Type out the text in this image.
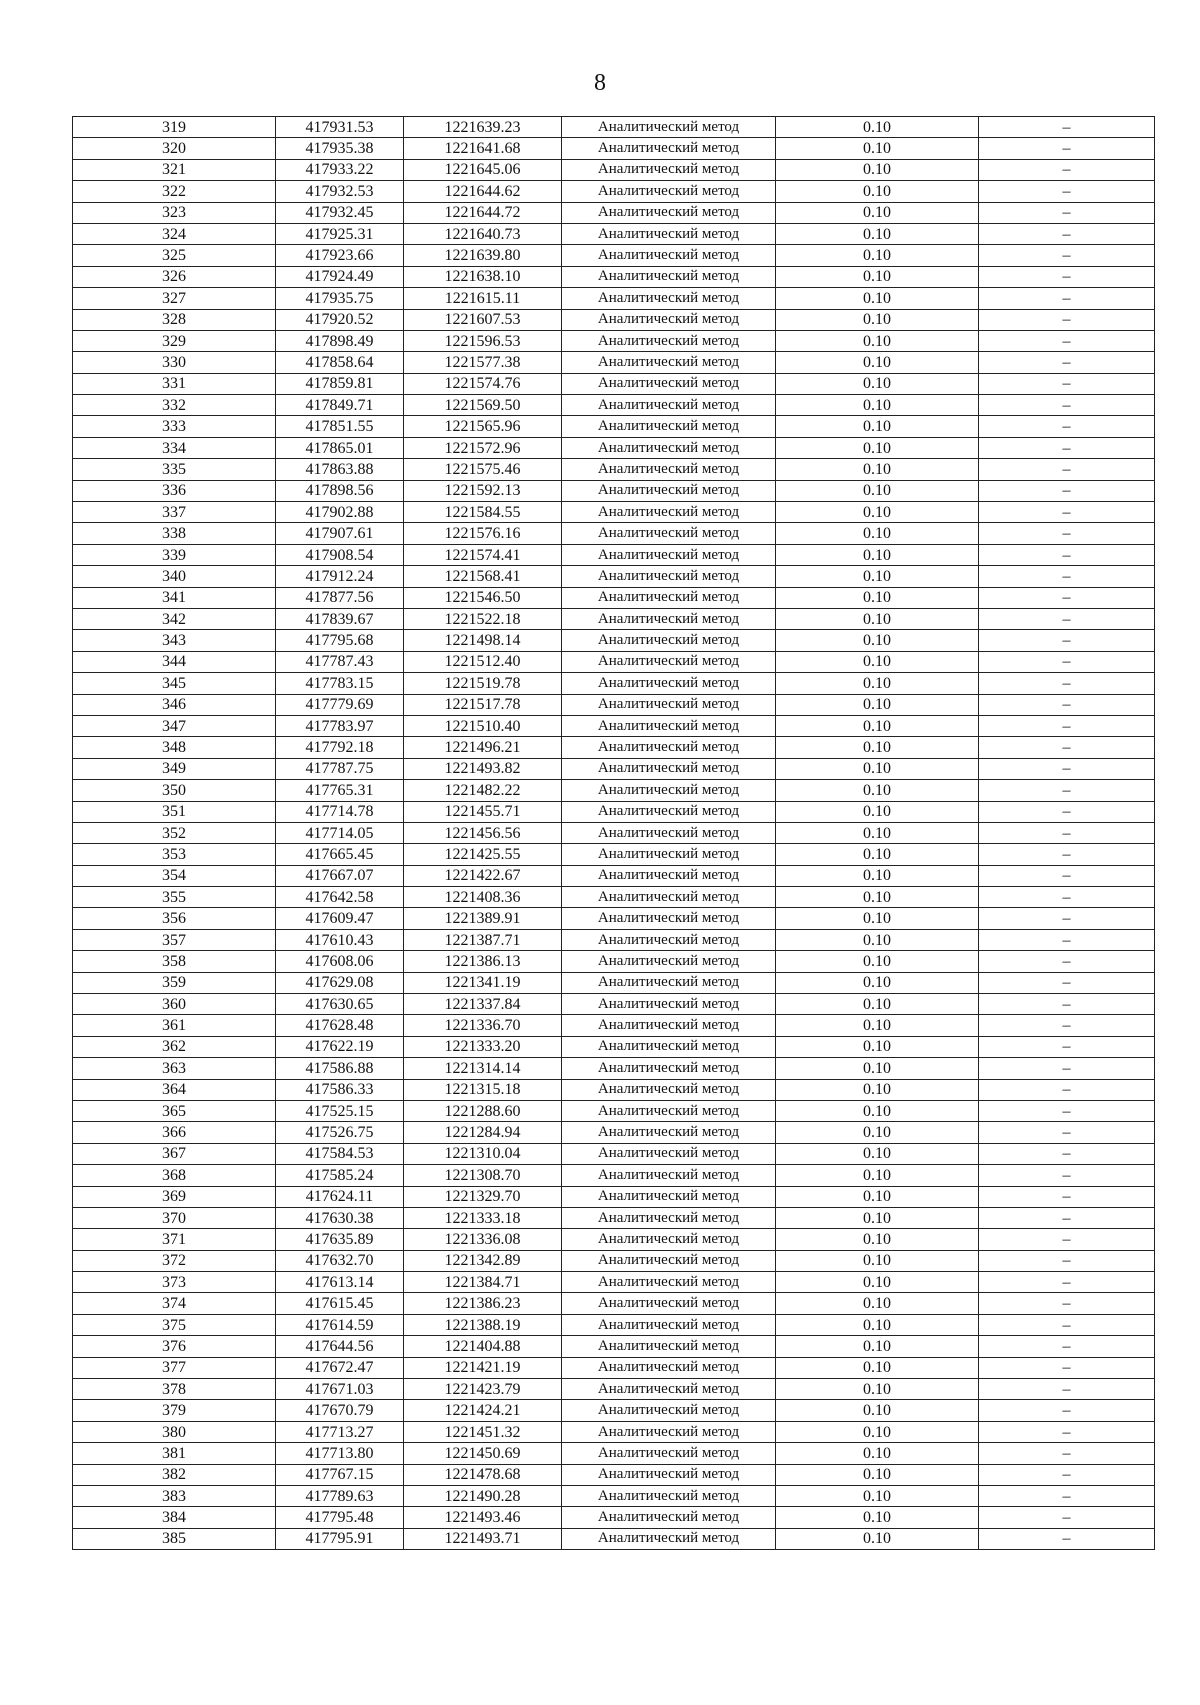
8
319	417931.53	1221639.23	Аналитический метод	0.10	–
320	417935.38	1221641.68	Аналитический метод	0.10	–
321	417933.22	1221645.06	Аналитический метод	0.10	–
322	417932.53	1221644.62	Аналитический метод	0.10	–
323	417932.45	1221644.72	Аналитический метод	0.10	–
324	417925.31	1221640.73	Аналитический метод	0.10	–
325	417923.66	1221639.80	Аналитический метод	0.10	–
326	417924.49	1221638.10	Аналитический метод	0.10	–
327	417935.75	1221615.11	Аналитический метод	0.10	–
328	417920.52	1221607.53	Аналитический метод	0.10	–
329	417898.49	1221596.53	Аналитический метод	0.10	–
330	417858.64	1221577.38	Аналитический метод	0.10	–
331	417859.81	1221574.76	Аналитический метод	0.10	–
332	417849.71	1221569.50	Аналитический метод	0.10	–
333	417851.55	1221565.96	Аналитический метод	0.10	–
334	417865.01	1221572.96	Аналитический метод	0.10	–
335	417863.88	1221575.46	Аналитический метод	0.10	–
336	417898.56	1221592.13	Аналитический метод	0.10	–
337	417902.88	1221584.55	Аналитический метод	0.10	–
338	417907.61	1221576.16	Аналитический метод	0.10	–
339	417908.54	1221574.41	Аналитический метод	0.10	–
340	417912.24	1221568.41	Аналитический метод	0.10	–
341	417877.56	1221546.50	Аналитический метод	0.10	–
342	417839.67	1221522.18	Аналитический метод	0.10	–
343	417795.68	1221498.14	Аналитический метод	0.10	–
344	417787.43	1221512.40	Аналитический метод	0.10	–
345	417783.15	1221519.78	Аналитический метод	0.10	–
346	417779.69	1221517.78	Аналитический метод	0.10	–
347	417783.97	1221510.40	Аналитический метод	0.10	–
348	417792.18	1221496.21	Аналитический метод	0.10	–
349	417787.75	1221493.82	Аналитический метод	0.10	–
350	417765.31	1221482.22	Аналитический метод	0.10	–
351	417714.78	1221455.71	Аналитический метод	0.10	–
352	417714.05	1221456.56	Аналитический метод	0.10	–
353	417665.45	1221425.55	Аналитический метод	0.10	–
354	417667.07	1221422.67	Аналитический метод	0.10	–
355	417642.58	1221408.36	Аналитический метод	0.10	–
356	417609.47	1221389.91	Аналитический метод	0.10	–
357	417610.43	1221387.71	Аналитический метод	0.10	–
358	417608.06	1221386.13	Аналитический метод	0.10	–
359	417629.08	1221341.19	Аналитический метод	0.10	–
360	417630.65	1221337.84	Аналитический метод	0.10	–
361	417628.48	1221336.70	Аналитический метод	0.10	–
362	417622.19	1221333.20	Аналитический метод	0.10	–
363	417586.88	1221314.14	Аналитический метод	0.10	–
364	417586.33	1221315.18	Аналитический метод	0.10	–
365	417525.15	1221288.60	Аналитический метод	0.10	–
366	417526.75	1221284.94	Аналитический метод	0.10	–
367	417584.53	1221310.04	Аналитический метод	0.10	–
368	417585.24	1221308.70	Аналитический метод	0.10	–
369	417624.11	1221329.70	Аналитический метод	0.10	–
370	417630.38	1221333.18	Аналитический метод	0.10	–
371	417635.89	1221336.08	Аналитический метод	0.10	–
372	417632.70	1221342.89	Аналитический метод	0.10	–
373	417613.14	1221384.71	Аналитический метод	0.10	–
374	417615.45	1221386.23	Аналитический метод	0.10	–
375	417614.59	1221388.19	Аналитический метод	0.10	–
376	417644.56	1221404.88	Аналитический метод	0.10	–
377	417672.47	1221421.19	Аналитический метод	0.10	–
378	417671.03	1221423.79	Аналитический метод	0.10	–
379	417670.79	1221424.21	Аналитический метод	0.10	–
380	417713.27	1221451.32	Аналитический метод	0.10	–
381	417713.80	1221450.69	Аналитический метод	0.10	–
382	417767.15	1221478.68	Аналитический метод	0.10	–
383	417789.63	1221490.28	Аналитический метод	0.10	–
384	417795.48	1221493.46	Аналитический метод	0.10	–
385	417795.91	1221493.71	Аналитический метод	0.10	–
